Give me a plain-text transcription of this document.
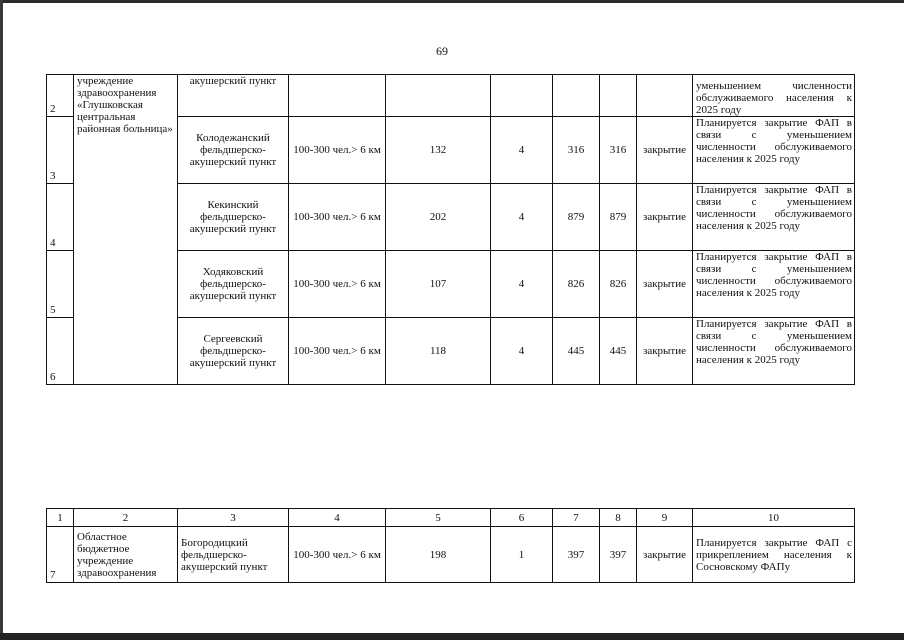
69
2	учреждение здравоохранения «Глушковская центральная районная больница»	акушерский пункт							уменьшением численности обслуживаемого населения к 2025 году
3		Колодежанский фельдшерско-акушерский пункт	100-300 чел.> 6 км	132	4	316	316	закрытие	Планируется закрытие ФАП в связи с уменьшением численности обслуживаемого населения к 2025 году
4		Кекинский фельдшерско-акушерский пункт	100-300 чел.> 6 км	202	4	879	879	закрытие	Планируется закрытие ФАП в связи с уменьшением численности обслуживаемого населения к 2025 году
5		Ходяковский фельдшерско-акушерский пункт	100-300 чел.> 6 км	107	4	826	826	закрытие	Планируется закрытие ФАП в связи с уменьшением численности обслуживаемого населения к 2025 году
6		Сергеевский фельдшерско-акушерский пункт	100-300 чел.> 6 км	118	4	445	445	закрытие	Планируется закрытие ФАП в связи с уменьшением численности обслуживаемого населения к 2025 году
1	2	3	4	5	6	7	8	9	10
7	Областное бюджетное учреждение здравоохранения	Богородицкий фельдшерско-акушерский пункт	100-300 чел.> 6 км	198	1	397	397	закрытие	Планируется закрытие ФАП с прикреплением населения к Сосновскому ФАПу
